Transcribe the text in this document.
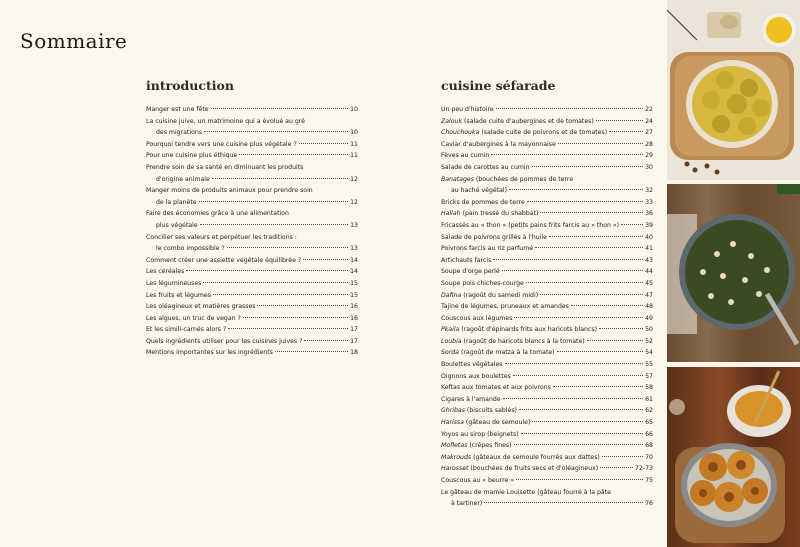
Sommaire
introduction
Manger est une fête	10
La cuisine juive, un matrimoine qui a évolué au gré
des migrations	10
Pourquoi tendre vers une cuisine plus végétale ?	11
Pour une cuisine plus éthique	11
Prendre soin de sa santé en diminuant les produits
d'origine animale	12
Manger moins de produits animaux pour prendre soin
de la planète	12
Faire des économies grâce à une alimentation
plus végétale	13
Concilier ses valeurs et perpétuer les traditions :
le combo impossible ?	13
Comment créer une assiette végétale équilibrée ?	14
Les céréales	14
Les légumineuses	15
Les fruits et légumes	15
Les oléagineux et matières grasses	16
Les algues, un truc de vegan ?	16
Et les simili-carnés alors ?	17
Quels ingrédients utiliser pour les cuisines juives ?	17
Mentions importantes sur les ingrédients	18
cuisine séfarade
Un peu d'histoire	22
Zalouk (salade cuite d'aubergines et de tomates)	24
Chouchouka (salade cuite de poivrons et de tomates)	27
Caviar d'aubergines à la mayonnaise	28
Fèves au cumin	29
Salade de carottes au cumin	30
Banatages (bouchées de pommes de terre
au haché végétal)	32
Bricks de pommes de terre	33
Hallah (pain tressé du shabbat)	36
Fricassés au « thon » (petits pains frits farcis au « thon »)	39
Salade de poivrons grillés à l'huile	40
Poivrons farcis au riz parfumé	41
Artichauts farcis	43
Soupe d'orge perlé	44
Soupe pois chiches-courge	45
Dafina (ragoût du samedi midi)	47
Tajine de légumes, pruneaux et amandes	48
Couscous aux légumes	49
Pkaila (ragoût d'épinards frits aux haricots blancs)	50
Loubia (ragoût de haricots blancs à la tomate)	52
Sorda (ragoût de matza à la tomate)	54
Boulettes végétales	55
Oignons aux boulettes	57
Keftas aux tomates et aux poivrons	58
Cigares à l'amande	61
Ghribas (biscuits sablés)	62
Harissa (gâteau de semoule)	65
Yoyos au sirop (beignets)	66
Mofletas (crêpes fines)	68
Makrouds (gâteaux de semoule fourrés aux dattes)	70
Harosset (bouchées de fruits secs et d'oléagineux)	72-73
Couscous au « beurre »	75
Le gâteau de mamie Louisette (gâteau fourré à la pâte
à tartiner)	76
